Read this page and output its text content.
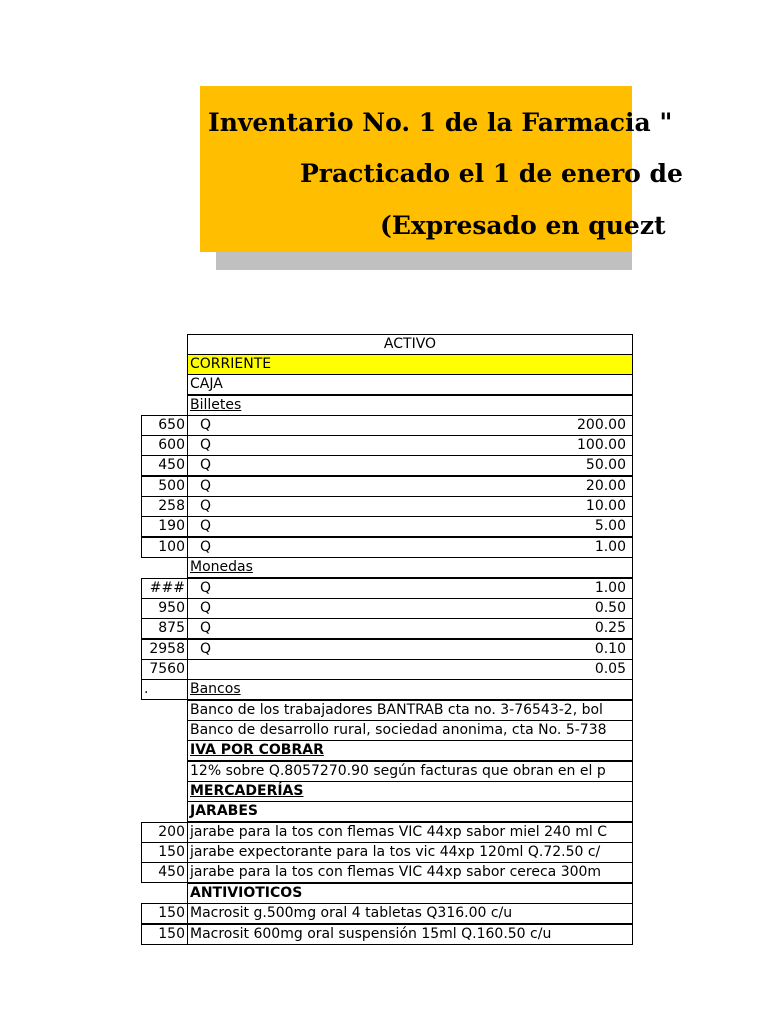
Inventario No. 1 de la Farmacia "
Practicado el 1 de enero de
(Expresado en quezt
ACTIVO
CORRIENTE
CAJA
Billetes
650 Q	200.00
600 Q	100.00
450 Q	50.00
500 Q	20.00
258 Q	10.00
190 Q	5.00
100 Q	1.00
Monedas
### Q	1.00
950 Q	0.50
875 Q	0.25
2958 Q	0.10
7560	0.05
.	Bancos
Banco de los trabajadores BANTRAB cta no. 3-76543-2, bol
Banco de desarrollo rural, sociedad anonima, cta No. 5-738
IVA POR COBRAR
12% sobre Q.8057270.90 según facturas que obran en el p
MERCADERÍAS
JARABES
200 jarabe para la tos con flemas VIC 44xp sabor miel 240 ml C
150 jarabe expectorante para la tos vic 44xp 120ml Q.72.50 c/
450 jarabe para la tos con flemas VIC 44xp sabor cereca 300m
ANTIVIOTICOS
150 Macrosit g.500mg oral 4 tabletas Q316.00 c/u
150 Macrosit 600mg oral suspensión 15ml Q.160.50 c/u
